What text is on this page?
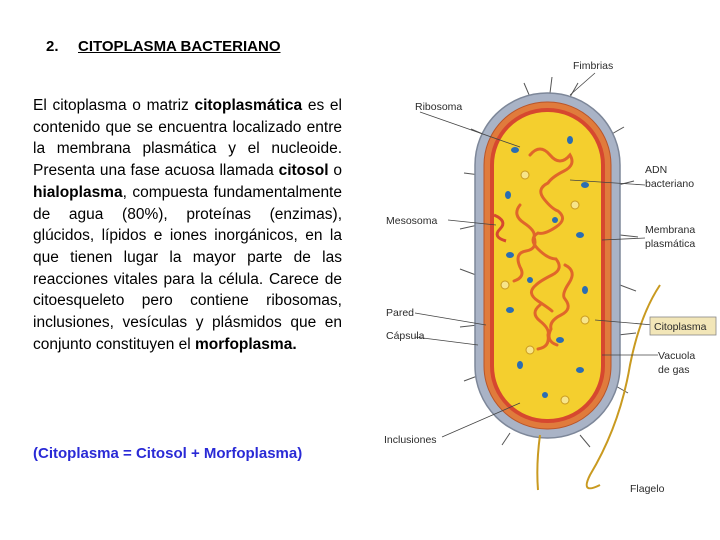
2. CITOPLASMA BACTERIANO
El citoplasma o matriz citoplasmática es el contenido que se encuentra localizado entre la membrana plasmática y el nucleoide. Presenta una fase acuosa llamada citosol o hialoplasma, compuesta fundamentalmente de agua (80%), proteínas (enzimas), glúcidos, lípidos e iones inorgánicos, en la que tienen lugar la mayor parte de las reacciones vitales para la célula. Carece de citoesqueleto pero contiene ribosomas, inclusiones, vesículas y plásmidos que en conjunto constituyen el morfoplasma.
(Citoplasma = Citosol + Morfoplasma)
Fimbrias
Ribosoma
ADN
bacteriano
Mesosoma
Membrana
plasmática
Pared
Cápsula
Citoplasma
Vacuola
de gas
Inclusiones
Flagelo
